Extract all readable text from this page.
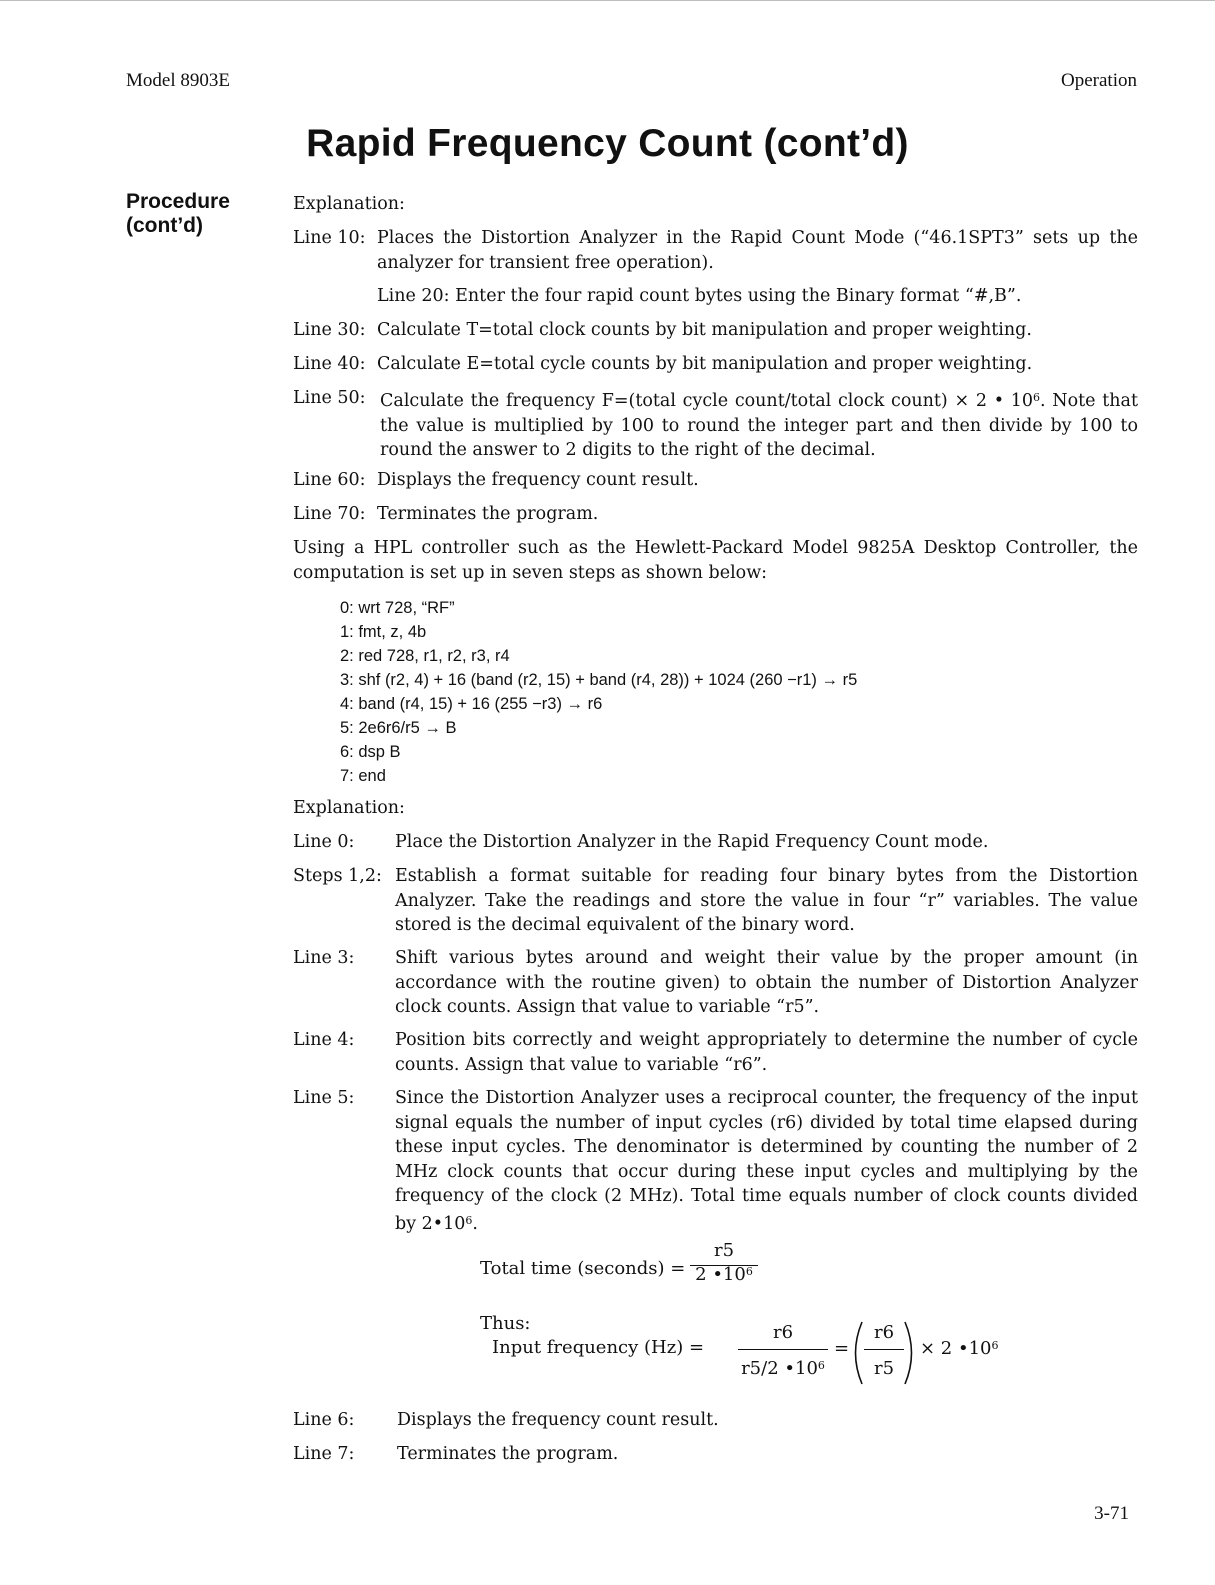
Model 8903E	Operation
Rapid Frequency Count (cont’d)
Procedure
(cont’d)
Explanation:
Line 10: Places the Distortion Analyzer in the Rapid Count Mode (“46.1SPT3” sets up the analyzer for transient free operation).
Line 20: Enter the four rapid count bytes using the Binary format “#,B”.
Line 30: Calculate T=total clock counts by bit manipulation and proper weighting.
Line 40: Calculate E=total cycle counts by bit manipulation and proper weighting.
Line 50: Calculate the frequency F=(total cycle count/total clock count) × 2 • $10^6$. Note that the value is multiplied by 100 to round the integer part and then divide by 100 to round the answer to 2 digits to the right of the decimal.
Line 60: Displays the frequency count result.
Line 70: Terminates the program.
Using a HPL controller such as the Hewlett-Packard Model 9825A Desktop Controller, the computation is set up in seven steps as shown below:
0: wrt 728, “RF”
1: fmt, z, 4b
2: red 728, r1, r2, r3, r4
3: shf (r2, 4) + 16 (band (r2, 15) + band (r4, 28)) + 1024 (260 −r1) → r5
4: band (r4, 15) + 16 (255 −r3) → r6
5: 2e6r6/r5 → B
6: dsp B
7: end
Explanation:
Line 0: Place the Distortion Analyzer in the Rapid Frequency Count mode.
Steps 1,2: Establish a format suitable for reading four binary bytes from the Distortion Analyzer. Take the readings and store the value in four “r” variables. The value stored is the decimal equivalent of the binary word.
Line 3: Shift various bytes around and weight their value by the proper amount (in accordance with the routine given) to obtain the number of Distortion Analyzer clock counts. Assign that value to variable “r5”.
Line 4: Position bits correctly and weight appropriately to determine the number of cycle counts. Assign that value to variable “r6”.
Line 5: Since the Distortion Analyzer uses a reciprocal counter, the frequency of the input signal equals the number of input cycles (r6) divided by total time elapsed during these input cycles. The denominator is determined by counting the number of 2 MHz clock counts that occur during these input cycles and multiplying by the frequency of the clock (2 MHz). Total time equals number of clock counts divided by $2•10^6$.
Total time (seconds) =
r5
2 $•10^6$
Thus:
Input frequency (Hz) =
r6
r5/2 $•10^6$
=
r6
r5
× 2 $•10^6$
Line 6: Displays the frequency count result.
Line 7: Terminates the program.
3-71
